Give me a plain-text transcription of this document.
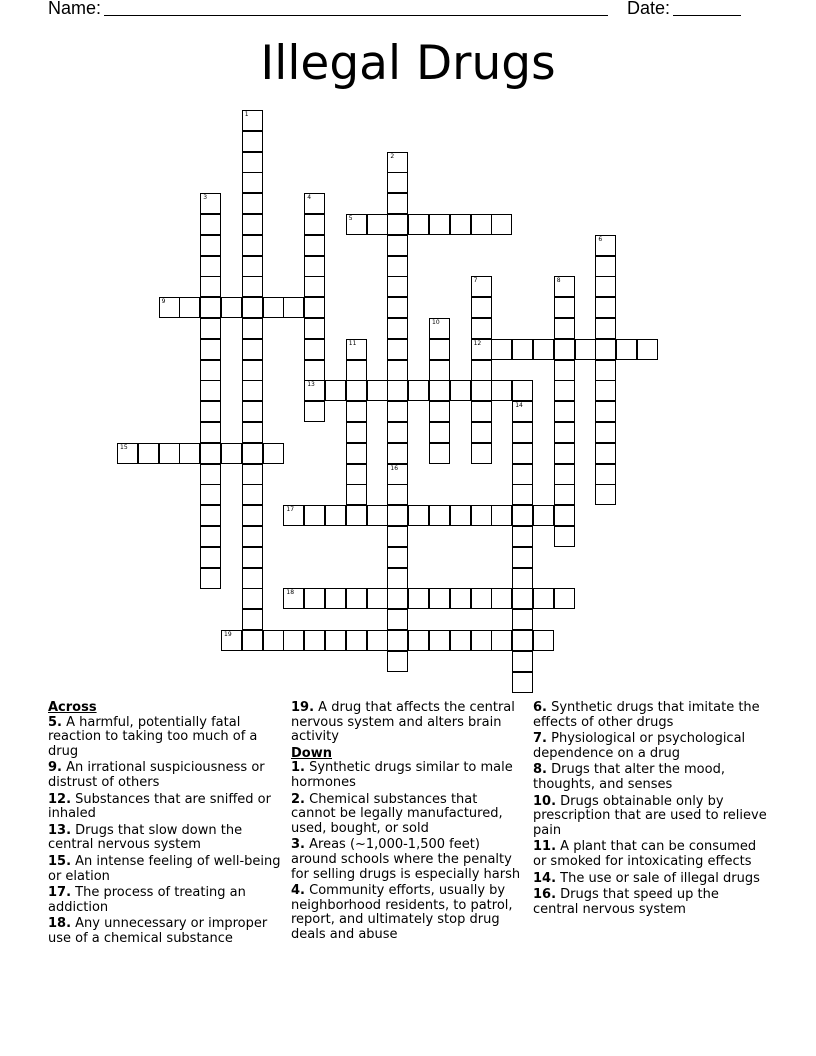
Name:	Date:
Illegal Drugs
1
2
16
3	4
13
5
6
7
12
8
9
10
11
14
15
17
18
19
Across
5. A harmful, potentially fatal reaction to taking too much of a drug
9. An irrational suspiciousness or distrust of others
12. Substances that are sniffed or inhaled
13. Drugs that slow down the central nervous system
15. An intense feeling of well-being or elation
17. The process of treating an addiction
18. Any unnecessary or improper use of a chemical substance
19. A drug that affects the central nervous system and alters brain activity
Down
1. Synthetic drugs similar to male hormones
2. Chemical substances that cannot be legally manufactured, used, bought, or sold
3. Areas (~1,000-1,500 feet) around schools where the penalty for selling drugs is especially harsh
4. Community efforts, usually by neighborhood residents, to patrol, report, and ultimately stop drug deals and abuse
6. Synthetic drugs that imitate the effects of other drugs
7. Physiological or psychological dependence on a drug
8. Drugs that alter the mood, thoughts, and senses
10. Drugs obtainable only by prescription that are used to relieve pain
11. A plant that can be consumed or smoked for intoxicating effects
14. The use or sale of illegal drugs
16. Drugs that speed up the central nervous system
